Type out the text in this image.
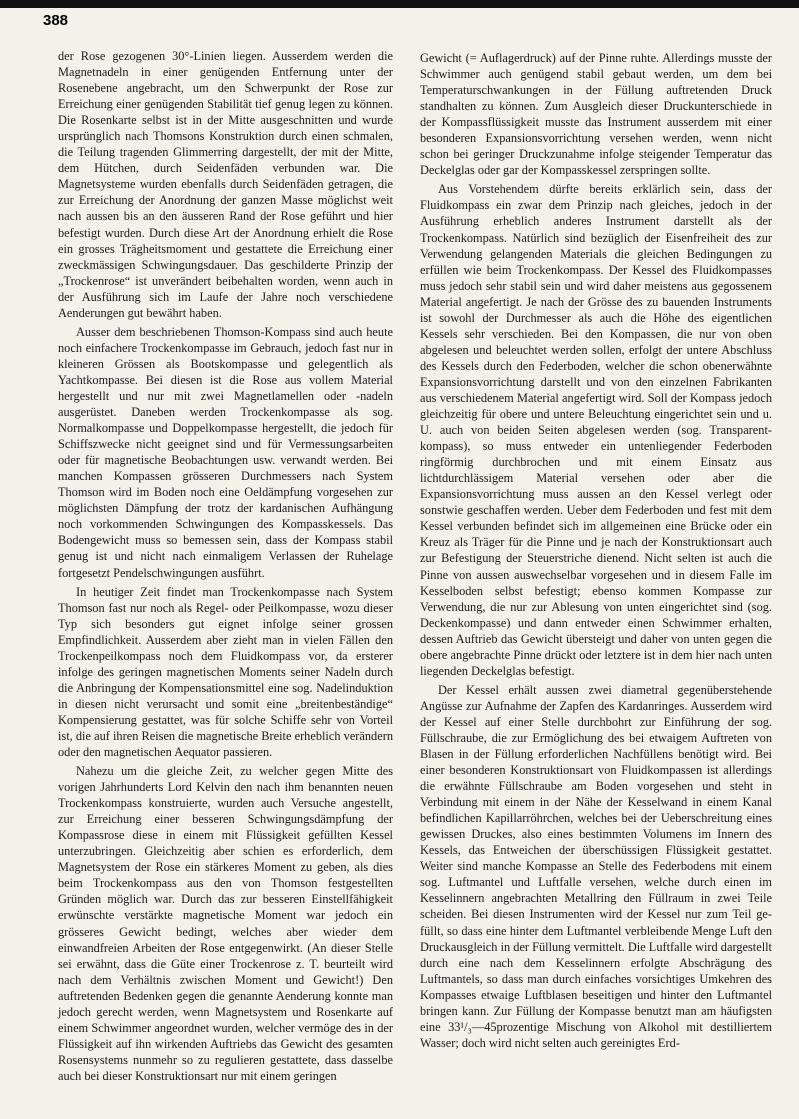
388

der Rose gezogenen 30°-Linien liegen. Ausserdem werden die Magnetnadeln in einer genügenden Entfernung unter der Rosenebene angebracht, um den Schwerpunkt der Rose zur Erreichung einer genügenden Stabilität tief genug legen zu können. Die Rosenkarte selbst ist in der Mitte ausgeschnitten und wurde ursprünglich nach Thomsons Konstruktion durch einen schmalen, die Teilung tragenden Glimmerring dargestellt, der mit der Mitte, dem Hütchen, durch Seidenfäden verbunden war. Die Magnetsysteme wurden ebenfalls durch Seidenfäden getragen, die zur Erreichung der Anordnung der ganzen Masse möglichst weit nach aussen bis an den äusseren Rand der Rose geführt und hier befestigt wurden. Durch diese Art der Anordnung erhielt die Rose ein grosses Trägheitsmoment und gestattete die Erreichung einer zweckmässigen Schwingungsdauer. Das geschilderte Prinzip der „Trockenrose“ ist unverändert beibehalten worden, wenn auch in der Ausführung sich im Laufe der Jahre noch verschiedene Aenderungen gut bewährt haben.

Ausser dem beschriebenen Thomson-Kompass sind auch heute noch einfachere Trockenkompasse im Gebrauch, jedoch fast nur in kleineren Grössen als Bootskompasse und gelegentlich als Yachtkompasse. Bei diesen ist die Rose aus vollem Material hergestellt und nur mit zwei Magnetlamellen oder -nadeln ausgerüstet. Daneben werden Trockenkompasse als sog. Normalkompasse und Doppelkompasse hergestellt, die jedoch für Schiffszwecke nicht geeignet sind und für Vermessungsarbeiten oder für magnetische Beobachtungen usw. verwandt werden. Bei manchen Kompassen grösseren Durchmessers nach System Thomson wird im Boden noch eine Oeldämpfung vorgesehen zur möglichsten Dämpfung der trotz der kardanischen Aufhängung noch vorkommenden Schwingungen des Kompasskessels. Das Bodengewicht muss so bemessen sein, dass der Kompass stabil genug ist und nicht nach einmaligem Verlassen der Ruhelage fortgesetzt Pendelschwingungen ausführt.

In heutiger Zeit findet man Trockenkompasse nach System Thomson fast nur noch als Regel- oder Peilkompasse, wozu dieser Typ sich besonders gut eignet infolge seiner grossen Empfindlichkeit. Ausserdem aber zieht man in vielen Fällen den Trockenpeilkompass noch dem Fluidkompass vor, da ersterer infolge des geringen magnetischen Moments seiner Nadeln durch die Anbringung der Kompensationsmittel eine sog. Nadelinduktion in diesen nicht verursacht und somit eine „breitenbeständige“ Kompensierung gestattet, was für solche Schiffe sehr von Vorteil ist, die auf ihren Reisen die magnetische Breite erheblich verändern oder den magnetischen Aequator passieren.

Nahezu um die gleiche Zeit, zu welcher gegen Mitte des vorigen Jahrhunderts Lord Kelvin den nach ihm benannten neuen Trockenkompass konstruierte, wurden auch Versuche angestellt, zur Erreichung einer besseren Schwingungsdämpfung der Kompassrose diese in einem mit Flüssigkeit gefüllten Kessel unterzubringen. Gleichzeitig aber schien es erforderlich, dem Magnetsystem der Rose ein stärkeres Moment zu geben, als dies beim Trockenkompass aus den von Thomson festgestellten Gründen möglich war. Durch das zur besseren Einstellfähigkeit erwünschte verstärkte magnetische Moment war jedoch ein grösseres Gewicht bedingt, welches aber wieder dem einwandfreien Arbeiten der Rose entgegenwirkt. (An dieser Stelle sei erwähnt, dass die Güte einer Trockenrose z. T. beurteilt wird nach dem Verhältnis zwischen Moment und Gewicht!) Den auftretenden Bedenken gegen die genannte Aenderung konnte man jedoch gerecht werden, wenn Magnetsystem und Rosenkarte auf einem Schwimmer angeordnet wurden, welcher vermöge des in der Flüssigkeit auf ihn wirkenden Auftriebs das Gewicht des gesamten Rosensystems nunmehr so zu regulieren gestattete, dass dasselbe auch bei dieser Konstruktionsart nur mit einem geringen

Gewicht (= Auflagerdruck) auf der Pinne ruhte. Allerdings musste der Schwimmer auch genügend stabil gebaut werden, um dem bei Temperaturschwankungen in der Füllung auftretenden Druck standhalten zu können. Zum Ausgleich dieser Druckunterschiede in der Kompassflüssigkeit musste das Instrument ausserdem mit einer besonderen Expansionsvorrichtung versehen werden, wenn nicht schon bei geringer Druckzunahme infolge steigender Temperatur das Deckelglas oder gar der Kompasskessel zerspringen sollte.

Aus Vorstehendem dürfte bereits erklärlich sein, dass der Fluidkompass ein zwar dem Prinzip nach gleiches, jedoch in der Ausführung erheblich anderes Instrument darstellt als der Trockenkompass. Natürlich sind bezüglich der Eisenfreiheit des zur Verwendung gelangenden Materials die gleichen Bedingungen zu erfüllen wie beim Trockenkompass. Der Kessel des Fluidkompasses muss jedoch sehr stabil sein und wird daher meistens aus gegossenem Material angefertigt. Je nach der Grösse des zu bauenden Instruments ist sowohl der Durchmesser als auch die Höhe des eigentlichen Kessels sehr verschieden. Bei den Kompassen, die nur von oben abgelesen und beleuchtet werden sollen, erfolgt der untere Abschluss des Kessels durch den Federboden, welcher die schon obenerwähnte Expansionsvorrichtung darstellt und von den einzelnen Fabrikanten aus verschiedenem Material angefertigt wird. Soll der Kompass jedoch gleichzeitig für obere und untere Beleuchtung eingerichtet sein und u. U. auch von beiden Seiten abgelesen werden (sog. Transparentkompass), so muss entweder ein untenliegender Federboden ringförmig durchbrochen und mit einem Einsatz aus lichtdurchlässigem Material versehen oder aber die Expansionsvorrichtung muss aussen an den Kessel verlegt oder sonstwie geschaffen werden. Ueber dem Federboden und fest mit dem Kessel verbunden befindet sich im allgemeinen eine Brücke oder ein Kreuz als Träger für die Pinne und je nach der Konstruktionsart auch zur Befestigung der Steuerstriche dienend. Nicht selten ist auch die Pinne von aussen auswechselbar vorgesehen und in diesem Falle im Kesselboden selbst befestigt; ebenso kommen Kompasse zur Verwendung, die nur zur Ablesung von unten eingerichtet sind (sog. Deckenkompasse) und dann entweder einen Schwimmer erhalten, dessen Auftrieb das Gewicht übersteigt und daher von unten gegen die obere angebrachte Pinne drückt oder letztere ist in dem hier nach unten liegenden Deckelglas befestigt.

Der Kessel erhält aussen zwei diametral gegenüberstehende Angüsse zur Aufnahme der Zapfen des Kardanringes. Ausserdem wird der Kessel auf einer Stelle durchbohrt zur Einführung der sog. Füllschraube, die zur Ermöglichung des bei etwaigem Auftreten von Blasen in der Füllung erforderlichen Nachfüllens benötigt wird. Bei einer besonderen Konstruktionsart von Fluidkompassen ist allerdings die erwähnte Füllschraube am Boden vorgesehen und steht in Verbindung mit einem in der Nähe der Kesselwand in einem Kanal befindlichen Kapillarröhrchen, welches bei der Ueberschreitung eines gewissen Druckes, also eines bestimmten Volumens im Innern des Kessels, das Entweichen der überschüssigen Flüssigkeit gestattet. Weiter sind manche Kompasse an Stelle des Federbodens mit einem sog. Luftmantel und Luftfalle versehen, welche durch einen im Kesselinnern angebrachten Metallring den Füllraum in zwei Teile scheiden. Bei diesen Instrumenten wird der Kessel nur zum Teil gefüllt, so dass eine hinter dem Luftmantel verbleibende Menge Luft den Druckausgleich in der Füllung vermittelt. Die Luftfalle wird dargestellt durch eine nach dem Kesselinnern erfolgte Abschrägung des Luftmantels, so dass man durch einfaches vorsichtiges Umkehren des Kompasses etwaige Luftblasen beseitigen und hinter den Luftmantel bringen kann. Zur Füllung der Kompasse benutzt man am häufigsten eine 33¹/₃—45prozentige Mischung von Alkohol mit destilliertem Wasser; doch wird nicht selten auch gereinigtes Erd-
